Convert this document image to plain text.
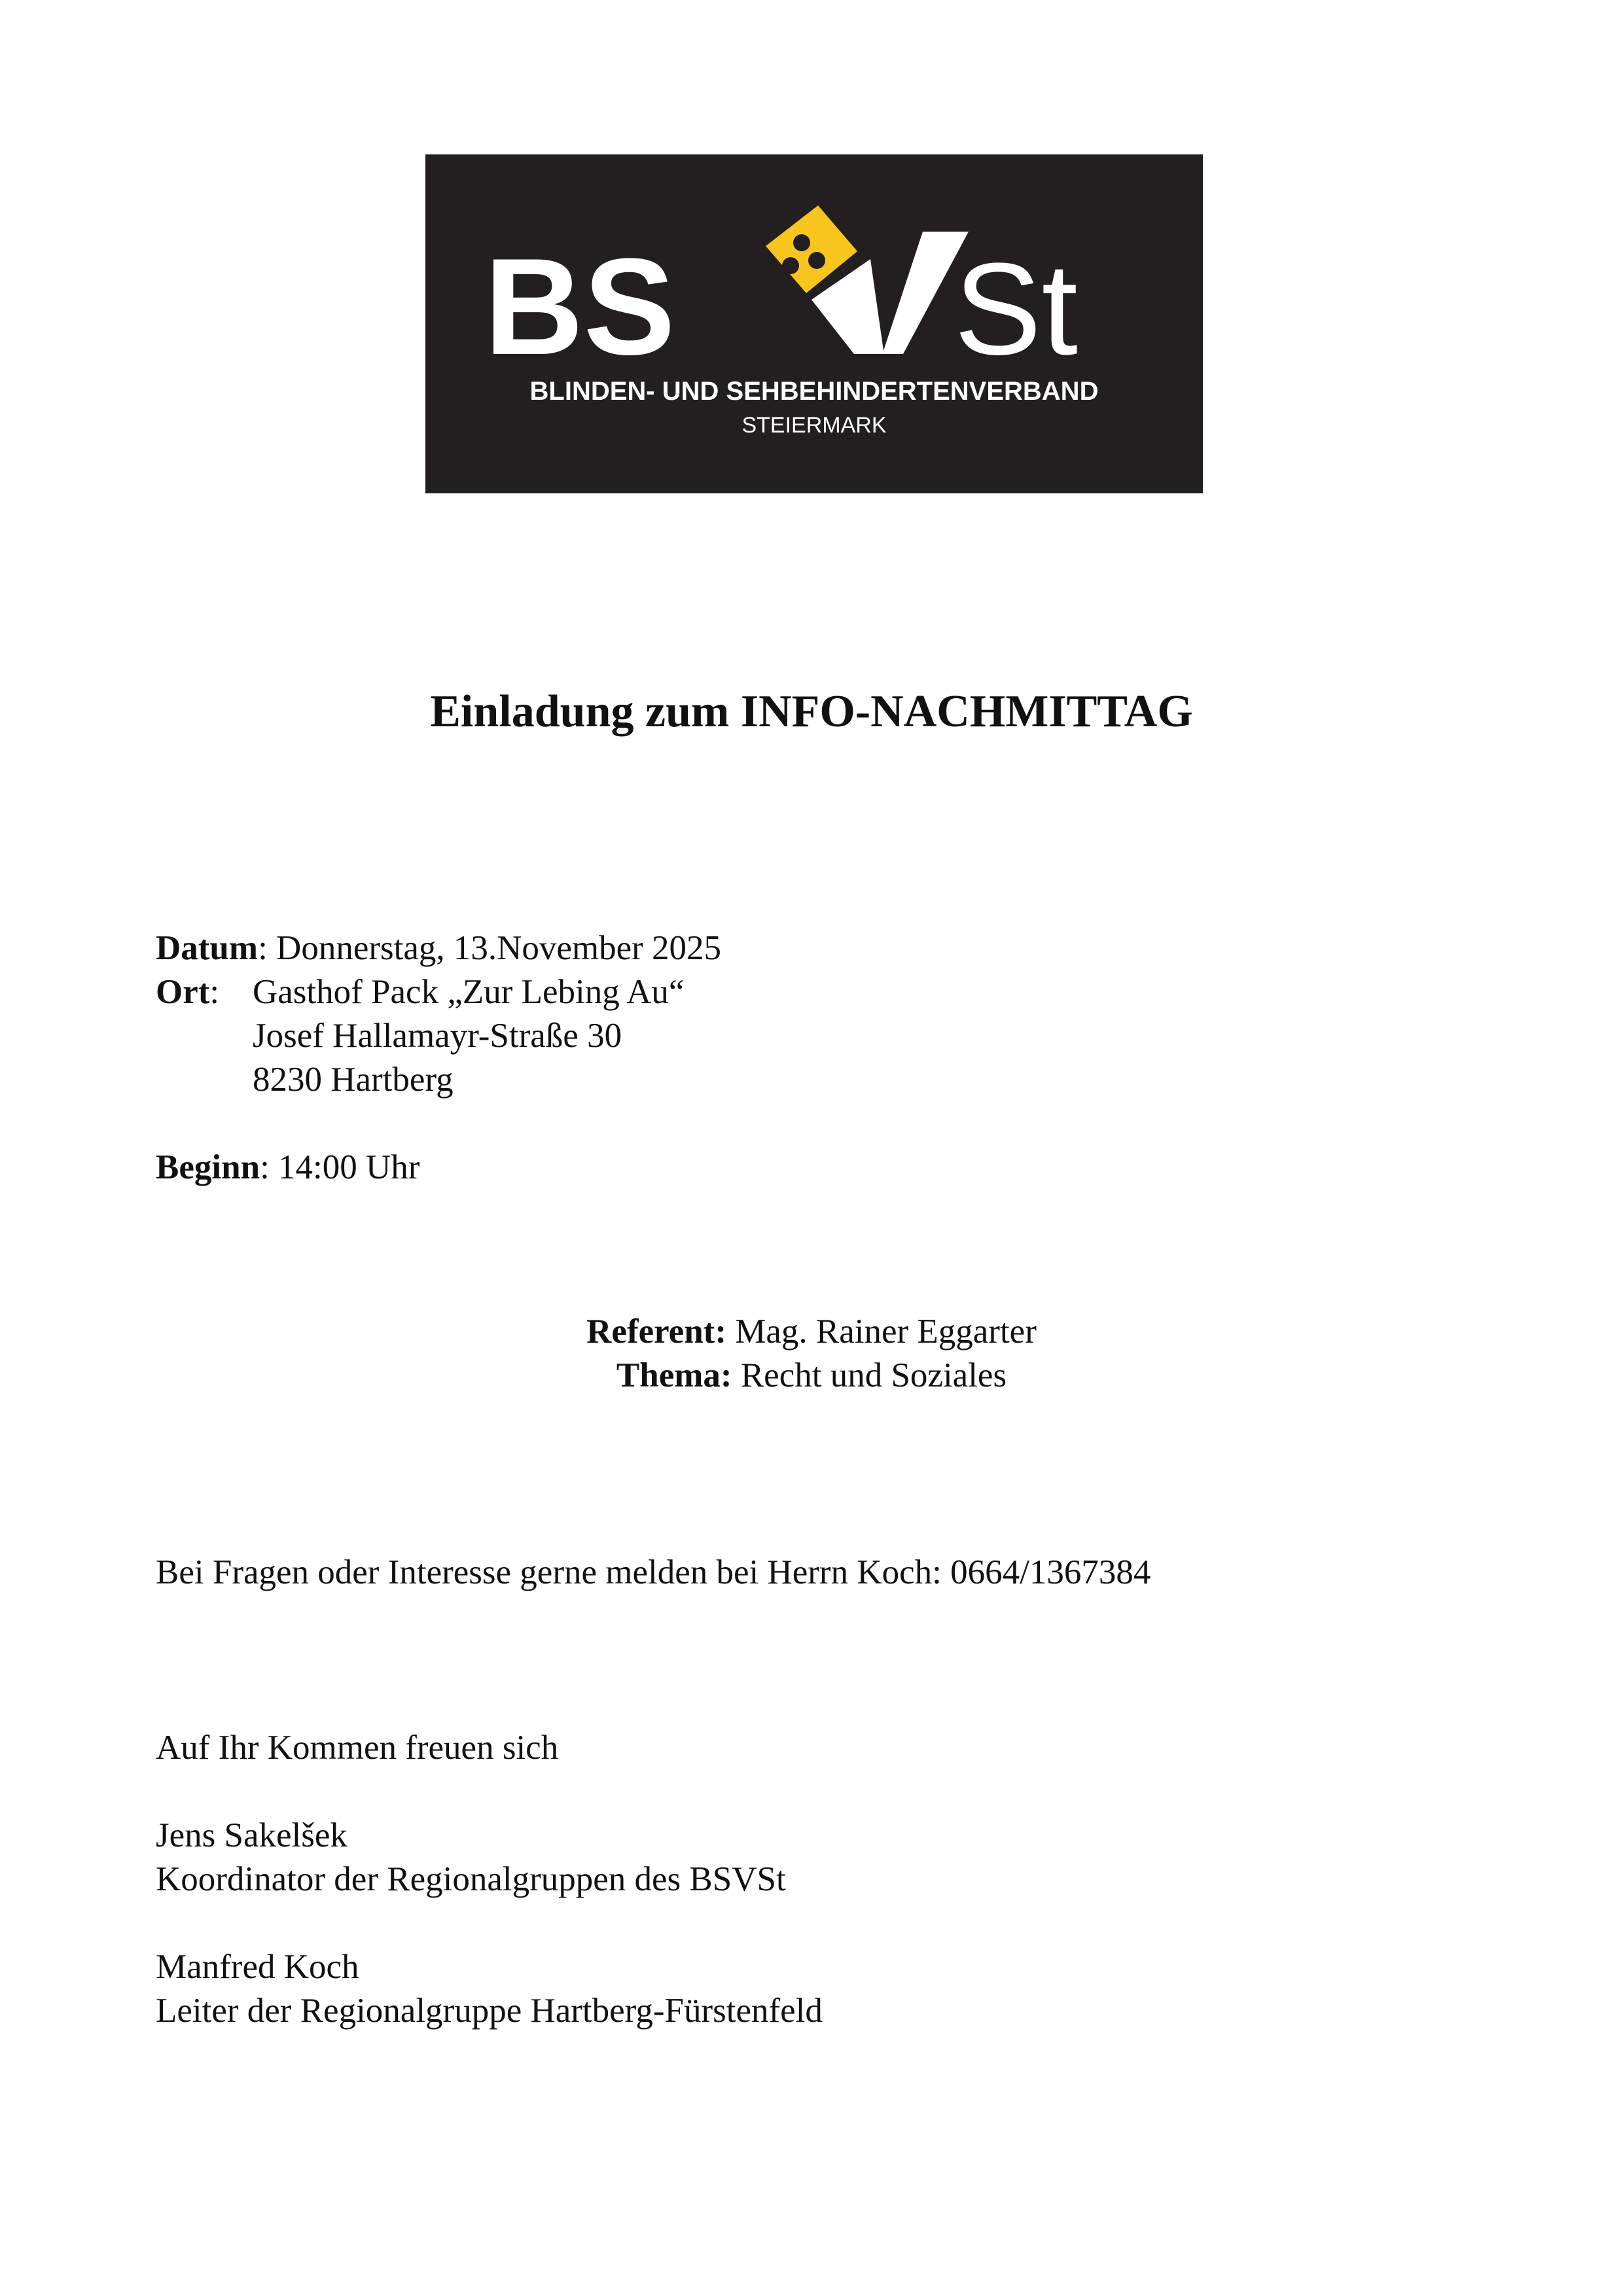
BS St
BLINDEN- UND SEHBEHINDERTENVERBAND
STEIERMARK
Einladung zum INFO-NACHMITTAG
Datum: Donnerstag, 13.November 2025
Ort: Gasthof Pack „Zur Lebing Au“
Josef Hallamayr-Straße 30
8230 Hartberg
Beginn: 14:00 Uhr
Referent: Mag. Rainer Eggarter
Thema: Recht und Soziales
Bei Fragen oder Interesse gerne melden bei Herrn Koch: 0664/1367384
Auf Ihr Kommen freuen sich
Jens Sakelšek
Koordinator der Regionalgruppen des BSVSt
Manfred Koch
Leiter der Regionalgruppe Hartberg-Fürstenfeld
